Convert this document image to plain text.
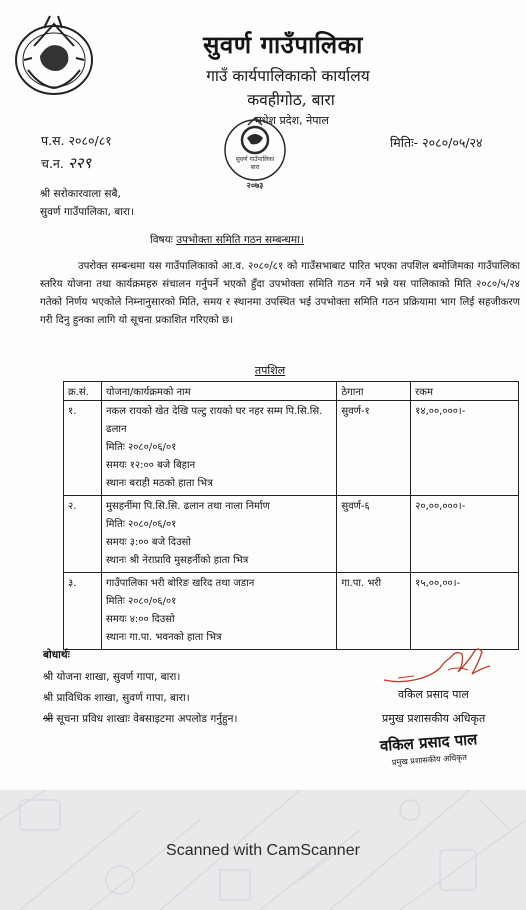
सुवर्ण गाउँपालिका
गाउँ कार्यपालिकाको कार्यालय
कवहीगोठ, बारा
मधेश प्रदेश, नेपाल
सुवर्ण गाउँपालिका
बारा
२०७३
प.स. २०८०/८१
च.न. २२९
मितिः- २०८०/०५/२४
श्री सरोकारवाला सबै,
सुवर्ण गाउँपालिका, बारा।
विषयः उपभोक्ता समिति गठन सम्बन्धमा।
उपरोक्त सम्बन्धमा यस गाउँपालिकाको आ.व. २०८०/८१ को गाउँसभाबाट पारित भएका तपशिल बमोजिमका गाउँपालिका स्तरिय योजना तथा कार्यक्रमहरु संचालन गर्नुपर्ने भएको हुँदा उपभोक्ता समिति गठन गर्ने भन्ने यस पालिकाको मिति २०८०/५/२४ गतेको निर्णय भएकोले निम्नानुसारको मिति, समय र स्थानमा उपस्थित भई उपभोक्ता समिति गठन प्रक्रियामा भाग लिई सहजीकरण गरी दिनु हुनका लागि यो सूचना प्रकाशित गरिएको छ।
तपशिल
क्र.सं.	योजना/कार्यक्रमको नाम	ठेगाना	रकम
१.	नकल रायको खेत देखि पल्टु रायको घर नहर सम्म पि.सि.सि. ढलान
मितिः २०८०/०६/०१
समयः १२:०० बजे बिहान
स्थानः बराही मठको हाता भित्र	सुवर्ण-१	१४,००,०००।-
२.	मुसहर्नीमा पि.सि.सि. ढलान तथा नाला निर्माण
मितिः २०८०/०६/०१
समयः ३:०० बजे दिउसो
स्थानः श्री नेराप्रावि मुसहर्नीको हाता भित्र	सुवर्ण-६	२०,००,०००।-
३.	गाउँपालिका भरी बोरिङ खरिद तथा जडान
मितिः २०८०/०६/०१
समयः ४:०० दिउसो
स्थानः गा.पा. भवनको हाता भित्र	गा.पा. भरी	१५,००,००।-
बोधार्थः
श्री योजना शाखा, सुवर्ण गापा, बारा।
श्री प्राविधिक शाखा, सुवर्ण गापा, बारा।
श्री सूचना प्रविध शाखाः वेबसाइटमा अपलोड गर्नुहुन।
वकिल प्रसाद पाल
प्रमुख प्रशासकीय अधिकृत
वकिल प्रसाद पाल
प्रमुख प्रशासकीय अधिकृत
Scanned with CamScanner
